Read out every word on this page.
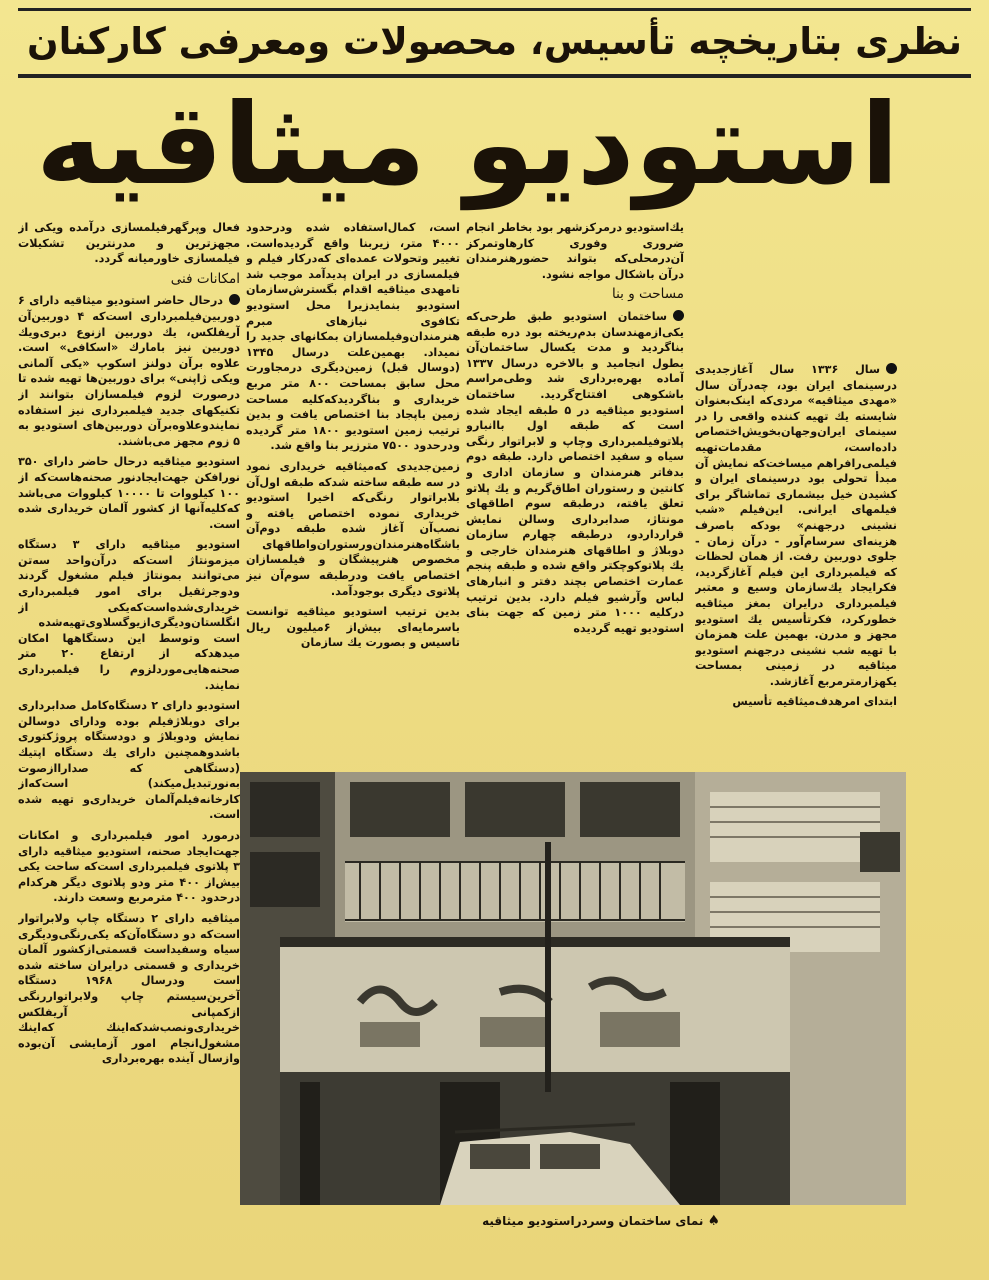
نظری بتاریخچه تأسیس، محصولات ومعرفی کارکنان
استودیو میثاقیه

سال ۱۳۳۶ سال آغازجدیدی درسینمای ایران بود، چه‌درآن سال «مهدی میثاقیه» مردی‌که اینک‌بعنوان شایسته یك تهیه کننده واقعی را در سینمای ایران‌وجهان‌بخویش‌اختصاص داده‌است، مقدمات‌تهیه فیلمی‌رافراهم میساخت‌که نمایش آن مبدأ تحولی بود درسینمای ایران و کشیدن خیل بیشماری تماشاگر برای فیلمهای ایرانی. این‌فیلم «شب نشینی درجهنم» بودکه باصرف هزینه‌ای سرسام‌آور - درآن زمان - جلوی دوربین رفت. از همان لحظات که فیلمبرداری این فیلم آغازگردید، فکرایجاد یك‌سازمان وسیع و معتبر فیلمبرداری درایران بمغز میثاقیه خطورکرد، فکرتأسیس یك استودیو مجهز و مدرن. بهمین علت همزمان با تهیه شب نشینی درجهنم استودیو میثاقیه در زمینی بمساحت یکهزارمترمربع آغازشد.

ابتدای امرهدف‌میثاقیه تأسیس

یك‌استودیو درمرکزشهر بود بخاطر انجام ضروری وفوری کارهاوتمرکز آن‌درمحلی‌که بتواند حضورهنرمندان درآن باشکال مواجه نشود.

مساحت و بنا

ساختمان استودیو طبق طرحی‌که یکی‌ازمهندسان بدم‌ریخته بود دره طبقه بناگردید و مدت یکسال ساختمان‌آن بطول انجامید و بالاخره درسال ۱۳۳۷ آماده بهره‌برداری شد وطی‌مراسم باشکوهی افتتاح‌گردید. ساختمان استودیو میثاقیه در ۵ طبقه ایجاد شده است که طبقه اول با‌انبارو پلاتوفیلمبرداری وچاپ و لابراتوار رنگی سیاه و سفید اختصاص دارد. طبقه دوم بدفاتر هنرمندان و سازمان اداری و کانتین و رستوران اطاق‌گریم و یك پلاتو تعلق یافته، درطبقه سوم اطاقهای مونتاژ، صدابرداری وسالن نمایش قرارداردو، درطبقه چهارم سازمان دوبلاژ و اطاقهای هنرمندان خارجی و یك پلاتوکوچکتر واقع شده و طبقه پنجم عمارت اختصاص بچند دفتر و انبارهای لباس وآرشیو فیلم دارد. بدین ترتیب درکلیه ۱۰۰۰ متر زمین که جهت بنای استودیو تهیه گردیده

است، کمال‌استفاده شده ودرحدود ۴۰۰۰ متر، زیربنا واقع گردیده‌است. تغییر وتحولات عمده‌ای که‌درکار فیلم و فیلمسازی در ایران پدیدآمد موجب شد تامهدی میثاقیه اقدام بگسترش‌سازمان استودیو بنمایدزیرا محل استودیو تکافوی نیازهای مبرم هنرمندان‌وفیلمسازان بمکانهای جدید را نمیداد. بهمین‌علت درسال ۱۳۴۵ (دوسال قبل) زمین‌دیگری درمجاورت محل سابق بمساحت ۸۰۰ متر مربع خریداری و بناگردیدکه‌کلیه مساحت زمین باپجاد بنا اختصاص یافت و بدین ترتیب زمین استودیو ۱۸۰۰ متر گردیده ودرحدود ۷۵۰۰ مترزیر بنا واقع شد.

زمین‌جدیدی که‌میثاقیه خریداری نمود در سه طبقه ساخته شدکه طبقه اول‌آن بلابراتوار رنگی‌که اخیرا استودیو خریداری نموده اختصاص یافته و نصب‌آن آغاز شده طبقه دوم‌آن باشگاه‌هنرمندان‌ورستوران‌واطاقهای مخصوص هنرپیشگان و فیلمسازان اختصاص یافت ودرطبقه سوم‌آن نیز پلاتوی دیگری بوجودآمد.

بدین ترتیب استودیو میثاقیه توانست باسرمایه‌ای بیش‌از ۶میلیون ریال تاسیس و بصورت یك سازمان

فعال وپرگهرفیلمسازی درآمده ویکی از مجهزترین و مدرنترین تشکیلات فیلمسازی خاورمیانه گردد.

امکانات فنی

درحال حاضر استودیو میثاقیه دارای ۶ دوربین‌فیلمبرداری است‌که ۴ دوربین‌آن آریفلکس، یك دوربین ازنوع دبری‌ویك دوربین نیز بامارك «اسکافی» است. علاوه برآن دولنز اسکوپ «یکی آلمانی ویکی ژاپنی» برای دوربین‌ها تهیه شده تا درصورت لزوم فیلمسازان بتوانند از تکنیکهای جدید فیلمبرداری نیز استفاده نمایندوعلاوه‌برآن دوربین‌های استودیو به ۵ زوم مجهز می‌باشند.

استودیو میثاقیه درحال حاضر دارای ۳۵۰ نورافکن جهت‌ایجادنور صحنه‌هاست‌که از ۱۰۰ کیلووات تا ۱۰۰۰۰ کیلووات می‌باشد که‌کلیه‌آنها از کشور آلمان خریداری شده است.

استودیو میثاقیه دارای ۳ دستگاه میزمونتاژ است‌که درآن‌واحد سه‌تن می‌توانند بمونتاژ فیلم مشغول گردند ودوجرثقیل برای امور فیلمبرداری خریداری‌شده‌است‌که‌یکی از انگلستان‌ودیگری‌ازیوگسلاوی‌تهیه‌شده است وتوسط این دستگاهها امکان میدهد‌که از ارتفاع ۲۰ متر صحنه‌هایی‌موردلزوم را فیلمبرداری نمایند.

استودیو دارای ۲ دستگاه‌کامل صدابرداری برای دوبلاژفیلم بوده ودارای دوسالن نمایش ودوبلاژ و دودستگاه پروژکتوری باشدوهمچنین دارای یك دستگاه اپتیك (دستگاهی که صدارا‌ازصوت به‌نورتبدیل‌میکند) است‌که‌از کارخانه‌فیلم‌آلمان خریداری‌و تهیه شده است.

درمورد امور فیلمبرداری و امکانات جهت‌ایجاد صحنه، استودیو میثاقیه دارای ۳ پلاتوی فیلمبرداری است‌که ساحت یکی بیش‌از ۴۰۰ متر ودو پلاتوی دیگر هرکدام درحدود ۴۰۰ مترمربع وسعت دارند.

میثاقیه دارای ۲ دستگاه چاپ ولابراتوار است‌که دو دستگاه‌آن‌که یکی‌رنگی‌ودیگری سیاه وسفیداست قسمتی‌از‌کشور آلمان خریداری و قسمتی درایران ساخته شده است ودرسال ۱۹۶۸ دستگاه آخرین‌سیستم چاپ ولابراتوار‌رنگی ازکمپانی آریفلکس خریداری‌ونصب‌شد‌که‌‌اینك که‌اینك مشغول‌انجام امور آزمایشی آن‌بوده وازسال آینده بهره‌برداری

♠نمای ساختمان وسردراستودیو میثاقیه
